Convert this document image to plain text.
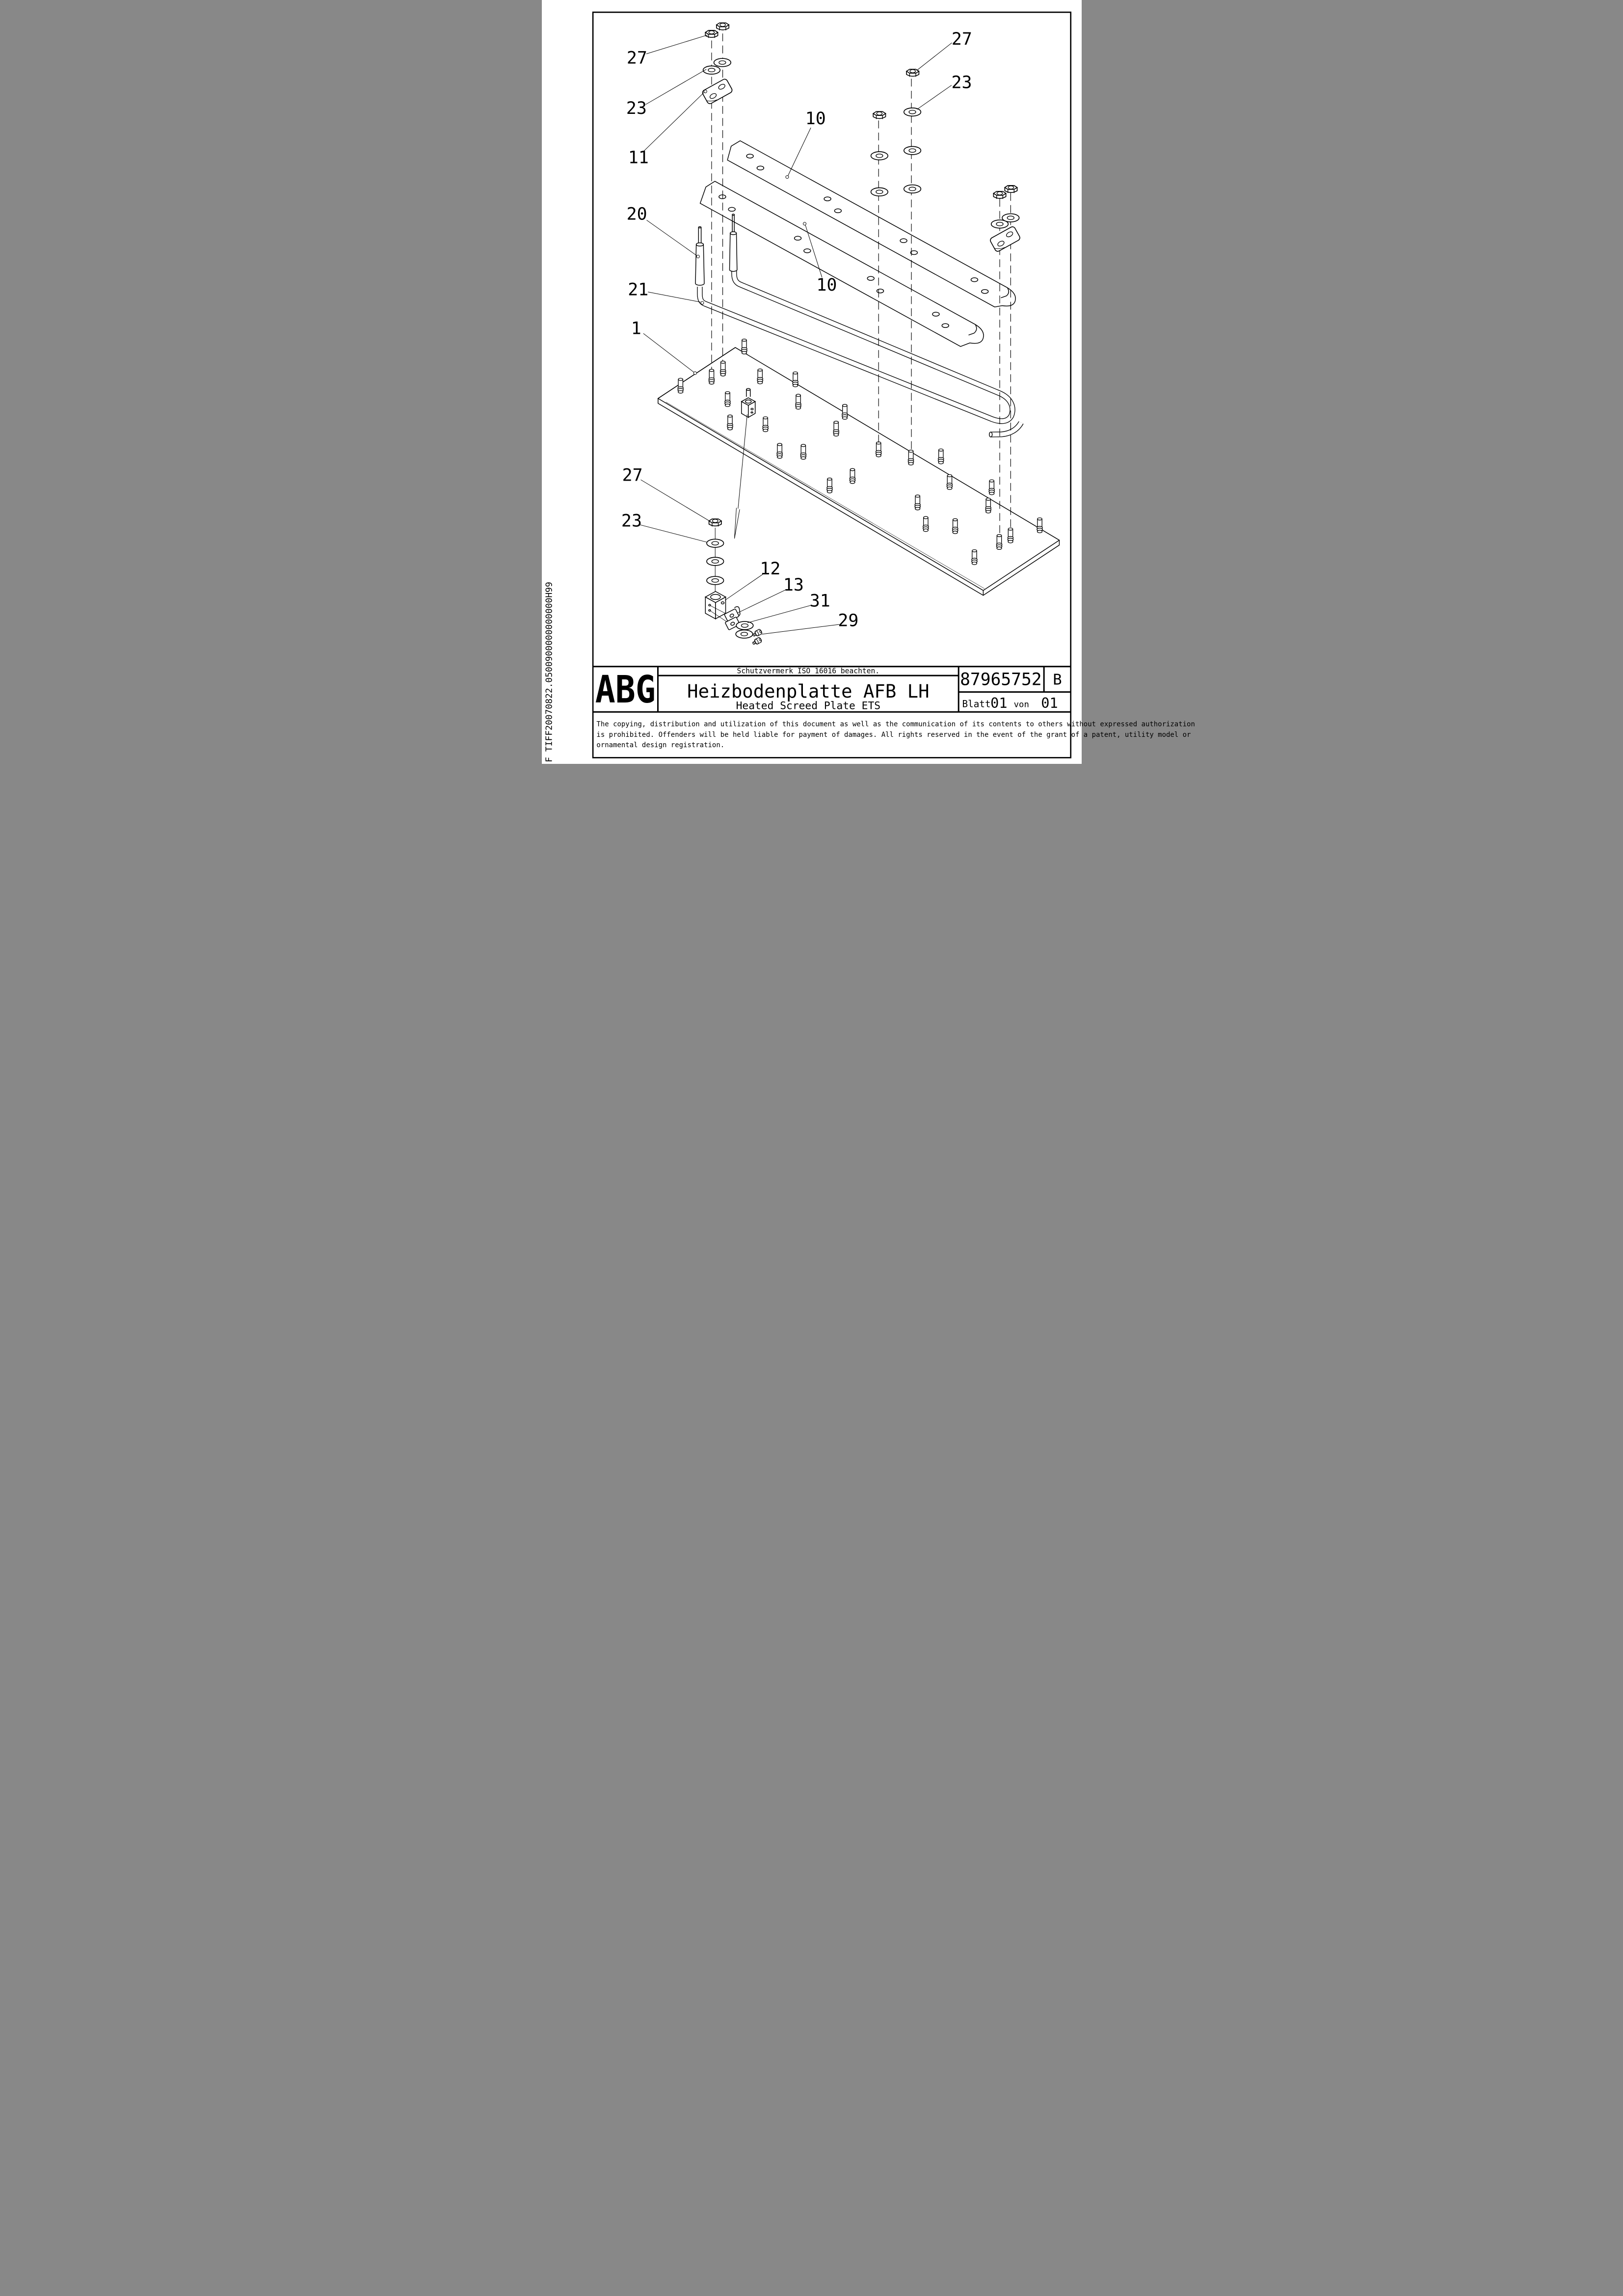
F TIFF20070822.0500900000000000H99
27
23
11
20
21
1
10
10
27
23
27
23
12
13
31
29
ABG	Schutzvermerk ISO 16016 beachten.
Heizbodenplatte AFB LH
Heated Screed Plate ETS
87965752 B
Blatt 01 von 01
The copying, distribution and utilization of this document as well as the communication of its contents to others without expressed authorization
is prohibited. Offenders will be held liable for payment of damages. All rights reserved in the event of the grant of a patent, utility model or
ornamental design registration.
